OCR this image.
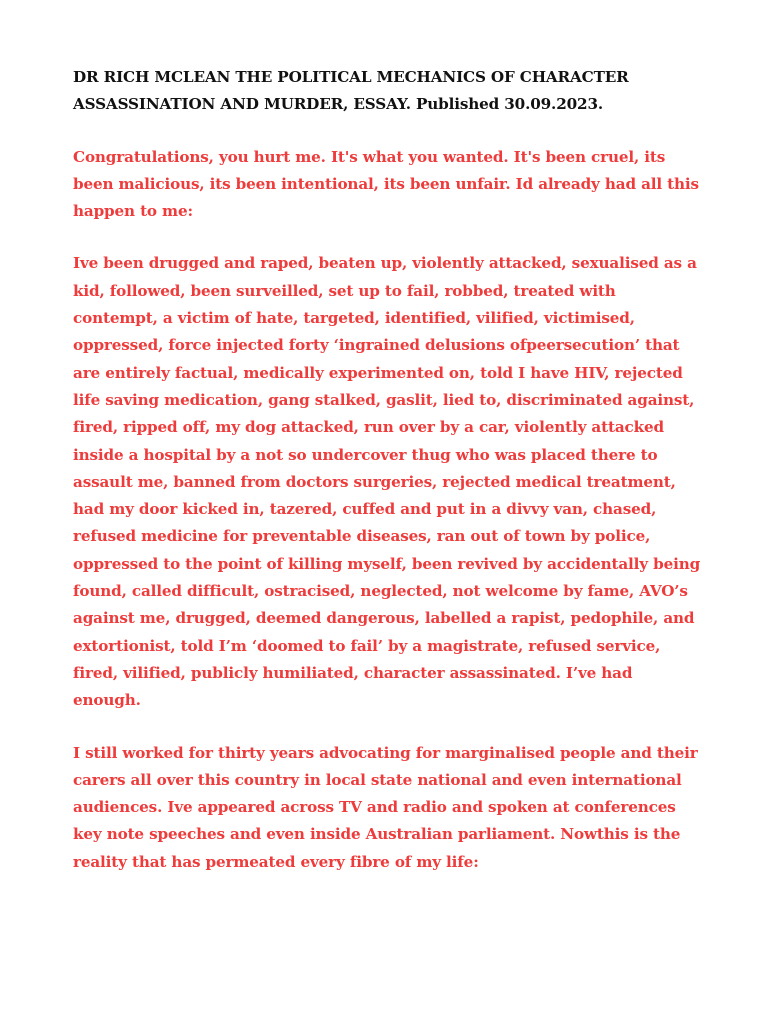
DR RICH MCLEAN THE POLITICAL MECHANICS OF CHARACTER ASSASSINATION AND MURDER, ESSAY. Published 30.09.2023.
Congratulations, you hurt me. It's what you wanted. It's been cruel, its been malicious, its been intentional, its been unfair. Id already had all this happen to me:
Ive been drugged and raped, beaten up, violently attacked, sexualised as a kid, followed, been surveilled, set up to fail, robbed, treated with contempt, a victim of hate, targeted, identified, vilified, victimised, oppressed, force injected forty ‘ingrained delusions ofpeersecution’ that are entirely factual, medically experimented on, told I have HIV, rejected life saving medication, gang stalked, gaslit, lied to, discriminated against, fired, ripped off, my dog attacked, run over by a car, violently attacked inside a hospital by a not so undercover thug who was placed there to assault me, banned from doctors surgeries, rejected medical treatment, had my door kicked in, tazered, cuffed and put in a divvy van, chased, refused medicine for preventable diseases, ran out of town by police, oppressed to the point of killing myself, been revived by accidentally being found, called difficult, ostracised, neglected, not welcome by fame, AVO’s against me, drugged, deemed dangerous, labelled a rapist, pedophile, and extortionist, told I’m ‘doomed to fail’ by a magistrate, refused service, fired, vilified, publicly humiliated, character assassinated. I’ve had enough.
I still worked for thirty years advocating for marginalised people and their carers all over this country in local state national and even international audiences. Ive appeared across TV and radio and spoken at conferences key note speeches and even inside Australian parliament. Nowthis is the reality that has permeated every fibre of my life:
